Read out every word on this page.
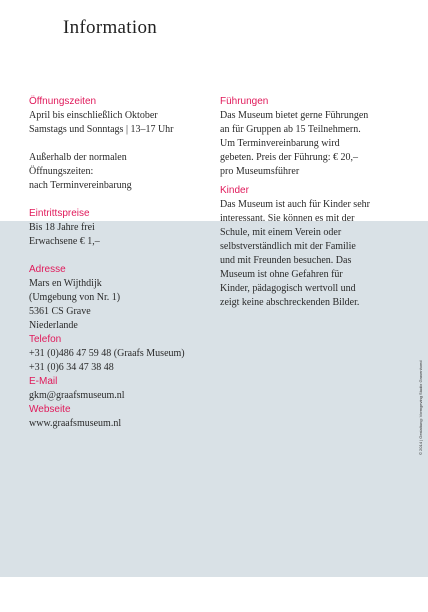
Information
Öffnungszeiten
April bis einschließlich Oktober
Samstags und Sonntags | 13–17 Uhr
Außerhalb der normalen
Öffnungszeiten:
nach Terminvereinbarung
Eintrittspreise
Bis 18 Jahre frei
Erwachsene € 1,–
Adresse
Mars en Wijthdijk
(Umgebung von Nr. 1)
5361 CS Grave
Niederlande
Telefon
+31 (0)486 47 59 48 (Graafs Museum)
+31 (0)6 34 47 38 48
E-Mail
gkm@graafsmuseum.nl
Webseite
www.graafsmuseum.nl
Führungen
Das Museum bietet gerne Führungen
an für Gruppen ab 15 Teilnehmern.
Um Terminvereinbarung wird
gebeten. Preis der Führung: € 20,–
pro Museumsführer
Kinder
Das Museum ist auch für Kinder sehr
interessant. Sie können es mit der
Schule, mit einem Verein oder
selbstverständlich mit der Familie
und mit Freunden besuchen. Das
Museum ist ohne Gefahren für
Kinder, pädagogisch wertvoll und
zeigt keine abschreckenden Bilder.
© 2014 | Gestaltung: Vormgeving Studio Gravenhoed
